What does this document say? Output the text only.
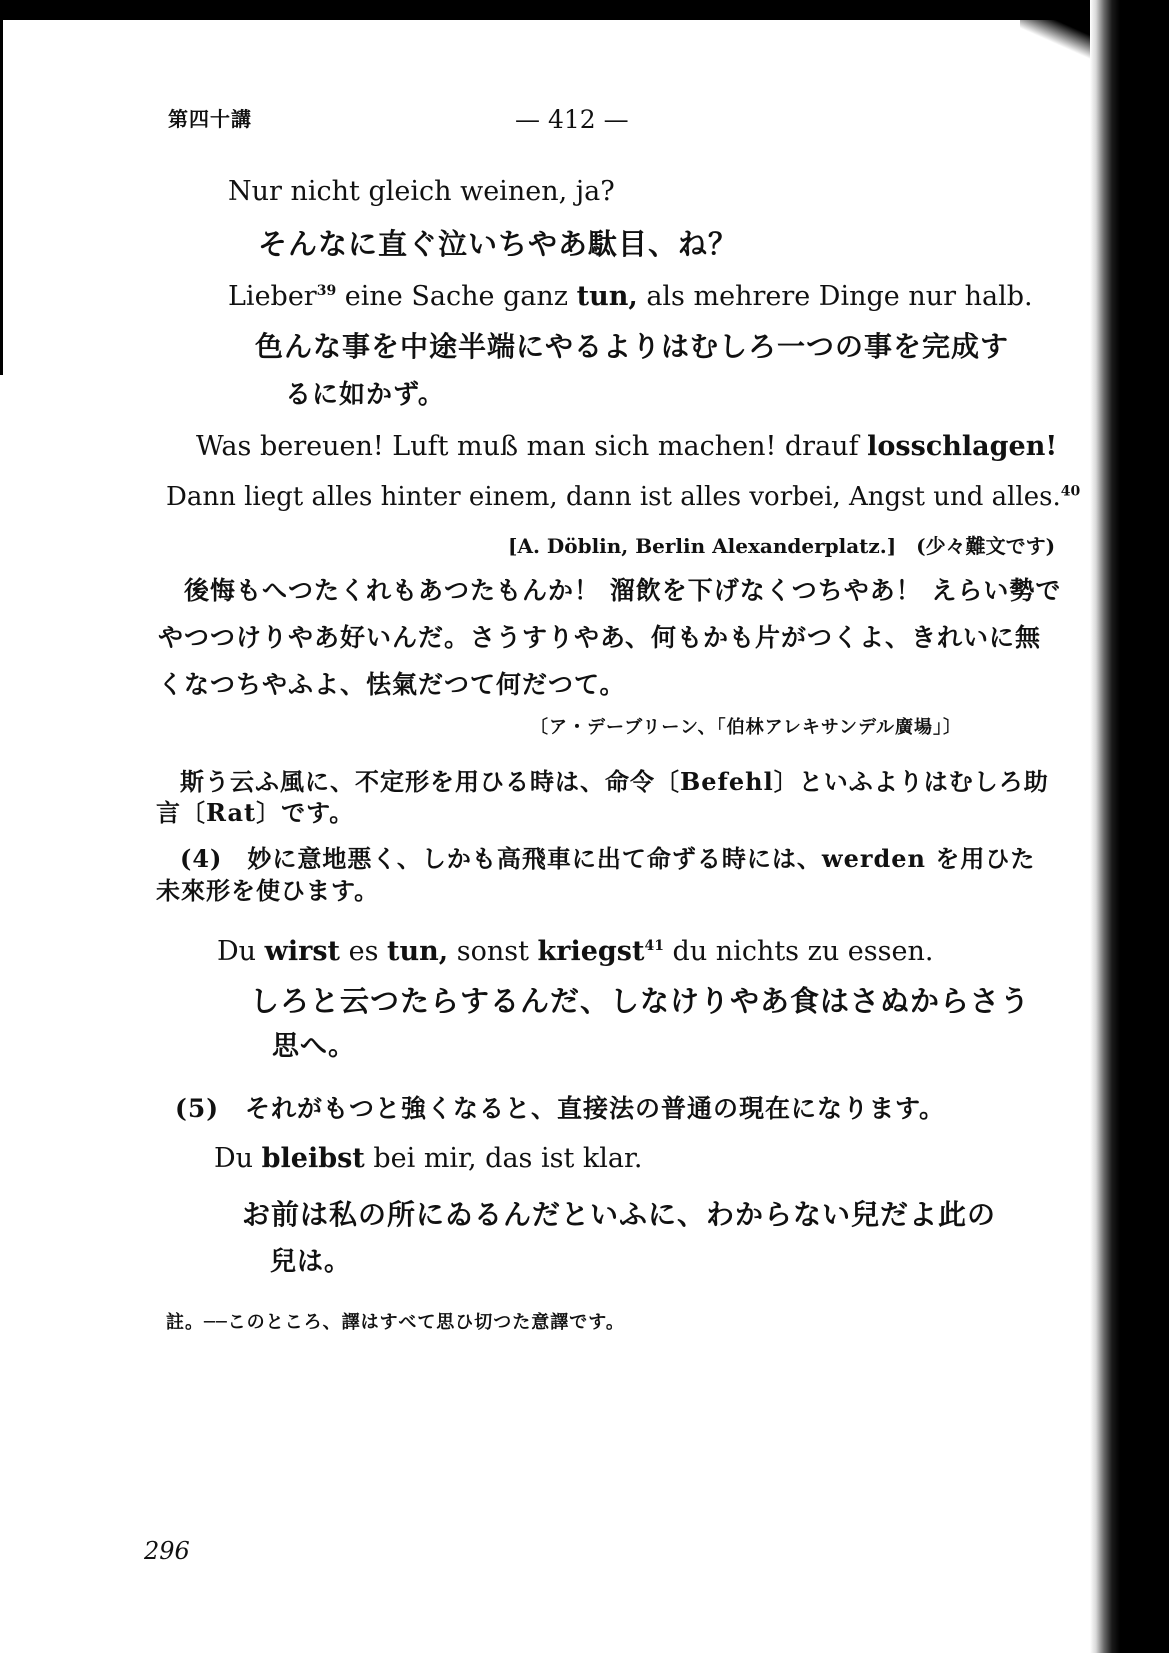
第四十講	— 412 —
Nur nicht gleich weinen, ja?
そんなに直ぐ泣いちやあ駄目、ね？
Lieber$^{39}$ eine Sache ganz tun, als mehrere Dinge nur halb.
色んな事を中途半端にやるよりはむしろ一つの事を完成す
るに如かず。
Was bereuen! Luft muß man sich machen! drauf losschlagen!
Dann liegt alles hinter einem, dann ist alles vorbei, Angst und alles.$^{40}$
[A. Döblin, Berlin Alexanderplatz.]　(少々難文です)
後悔もへつたくれもあつたもんか！ 溜飲を下げなくつちやあ！ えらい勢で
やつつけりやあ好いんだ。さうすりやあ、何もかも片がつくよ、きれいに無
くなつちやふよ、怯氣だつて何だつて。
〔ア・デーブリーン、「伯林アレキサンデル廣場」〕
斯う云ふ風に、不定形を用ひる時は、命令〔Befehl〕といふよりはむしろ助
言〔Rat〕です。
(4)　妙に意地悪く、しかも高飛車に出て命ずる時には、werden を用ひた
未來形を使ひます。
Du wirst es tun, sonst kriegst$^{41}$ du nichts zu essen.
しろと云つたらするんだ、しなけりやあ食はさぬからさう
思へ。
(5)　それがもつと強くなると、直接法の普通の現在になります。
Du bleibst bei mir, das ist klar.
お前は私の所にゐるんだといふに、わからない兒だよ此の
兒は。
註。──このところ、譯はすべて思ひ切つた意譯です。
296
